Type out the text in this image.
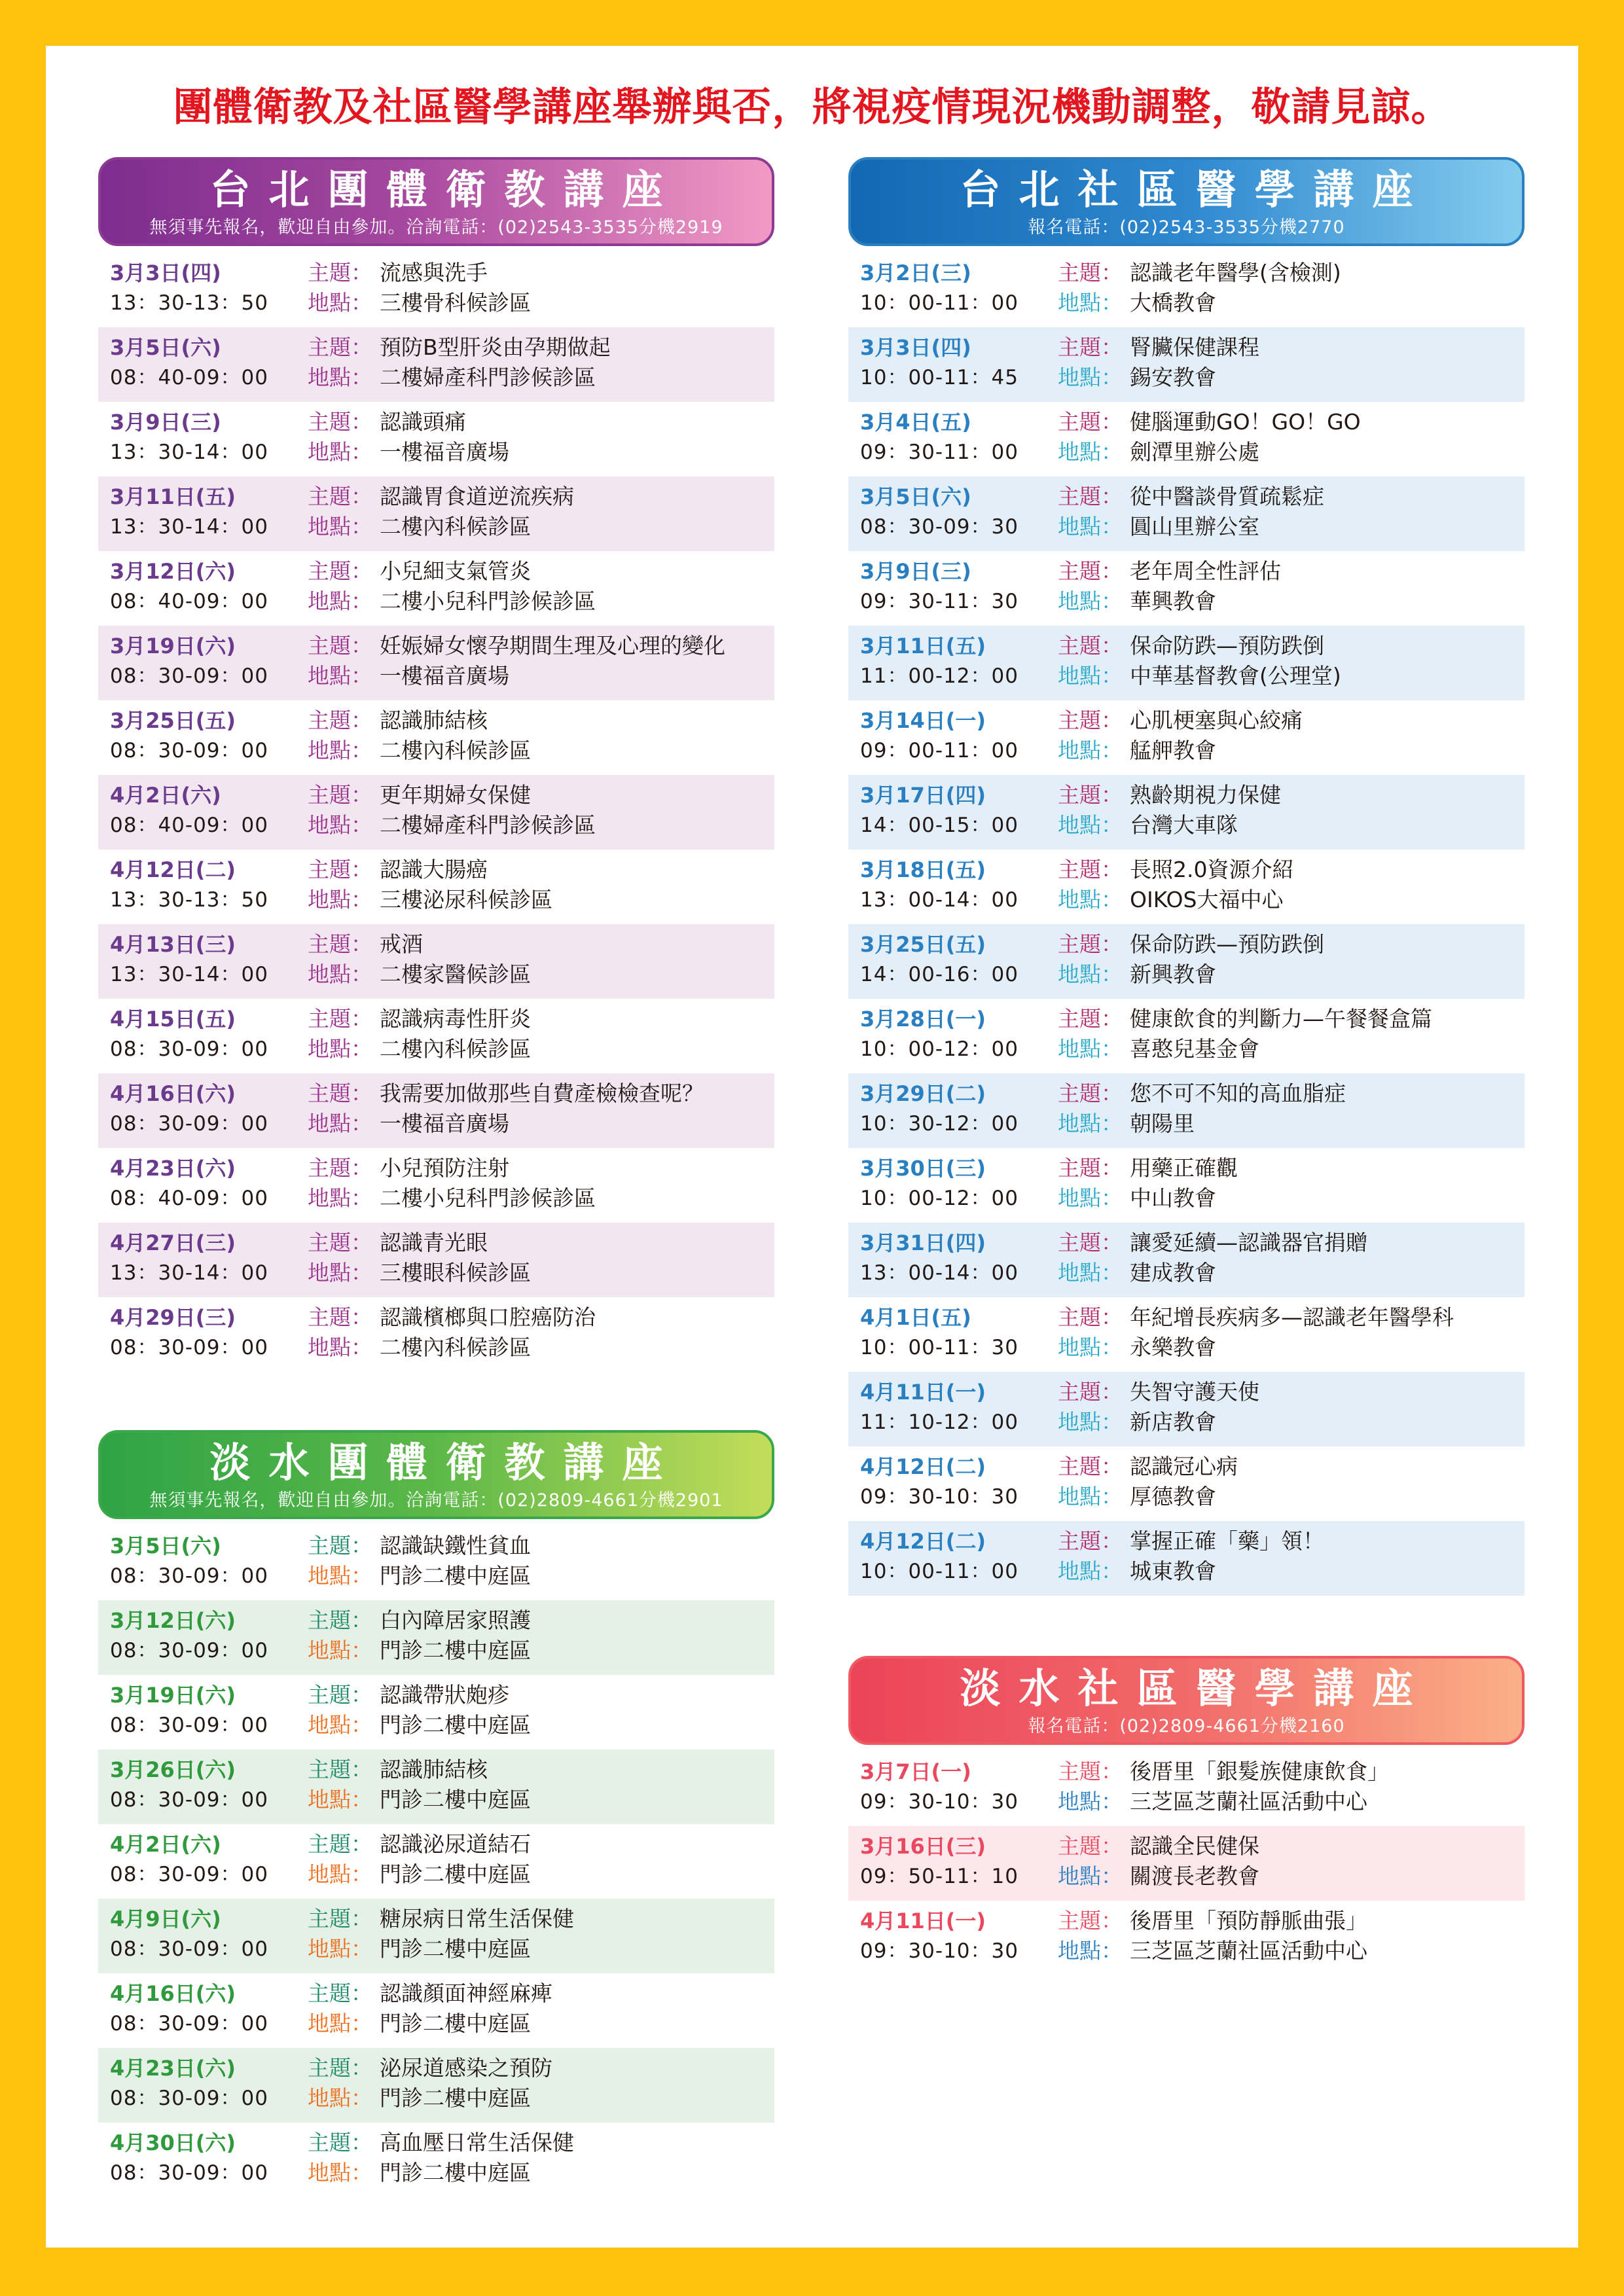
團體衛教及社區醫學講座舉辦與否，將視疫情現況機動調整，敬請見諒。
台北團體衛教講座
無須事先報名，歡迎自由參加。洽詢電話：(02)2543-3535分機2919
3月3日(四)
13：30-13：50
主題： 流感與洗手
地點： 三樓骨科候診區
3月5日(六)
08：40-09：00
主題： 預防B型肝炎由孕期做起
地點： 二樓婦產科門診候診區
3月9日(三)
13：30-14：00
主題： 認識頭痛
地點： 一樓福音廣場
3月11日(五)
13：30-14：00
主題： 認識胃食道逆流疾病
地點： 二樓內科候診區
3月12日(六)
08：40-09：00
主題： 小兒細支氣管炎
地點： 二樓小兒科門診候診區
3月19日(六)
08：30-09：00
主題： 妊娠婦女懷孕期間生理及心理的變化
地點： 一樓福音廣場
3月25日(五)
08：30-09：00
主題： 認識肺結核
地點： 二樓內科候診區
4月2日(六)
08：40-09：00
主題： 更年期婦女保健
地點： 二樓婦產科門診候診區
4月12日(二)
13：30-13：50
主題： 認識大腸癌
地點： 三樓泌尿科候診區
4月13日(三)
13：30-14：00
主題： 戒酒
地點： 二樓家醫候診區
4月15日(五)
08：30-09：00
主題： 認識病毒性肝炎
地點： 二樓內科候診區
4月16日(六)
08：30-09：00
主題： 我需要加做那些自費產檢檢查呢？
地點： 一樓福音廣場
4月23日(六)
08：40-09：00
主題： 小兒預防注射
地點： 二樓小兒科門診候診區
4月27日(三)
13：30-14：00
主題： 認識青光眼
地點： 三樓眼科候診區
4月29日(三)
08：30-09：00
主題： 認識檳榔與口腔癌防治
地點： 二樓內科候診區
淡水團體衛教講座
無須事先報名，歡迎自由參加。洽詢電話：(02)2809-4661分機2901
3月5日(六)
08：30-09：00
主題： 認識缺鐵性貧血
地點： 門診二樓中庭區
3月12日(六)
08：30-09：00
主題： 白內障居家照護
地點： 門診二樓中庭區
3月19日(六)
08：30-09：00
主題： 認識帶狀皰疹
地點： 門診二樓中庭區
3月26日(六)
08：30-09：00
主題： 認識肺結核
地點： 門診二樓中庭區
4月2日(六)
08：30-09：00
主題： 認識泌尿道結石
地點： 門診二樓中庭區
4月9日(六)
08：30-09：00
主題： 糖尿病日常生活保健
地點： 門診二樓中庭區
4月16日(六)
08：30-09：00
主題： 認識顏面神經麻痺
地點： 門診二樓中庭區
4月23日(六)
08：30-09：00
主題： 泌尿道感染之預防
地點： 門診二樓中庭區
4月30日(六)
08：30-09：00
主題： 高血壓日常生活保健
地點： 門診二樓中庭區
台北社區醫學講座
報名電話：(02)2543-3535分機2770
3月2日(三)
10：00-11：00
主題： 認識老年醫學(含檢測)
地點： 大橋教會
3月3日(四)
10：00-11：45
主題： 腎臟保健課程
地點： 錫安教會
3月4日(五)
09：30-11：00
主題： 健腦運動GO！GO！GO
地點： 劍潭里辦公處
3月5日(六)
08：30-09：30
主題： 從中醫談骨質疏鬆症
地點： 圓山里辦公室
3月9日(三)
09：30-11：30
主題： 老年周全性評估
地點： 華興教會
3月11日(五)
11：00-12：00
主題： 保命防跌—預防跌倒
地點： 中華基督教會(公理堂)
3月14日(一)
09：00-11：00
主題： 心肌梗塞與心絞痛
地點： 艋舺教會
3月17日(四)
14：00-15：00
主題： 熟齡期視力保健
地點： 台灣大車隊
3月18日(五)
13：00-14：00
主題： 長照2.0資源介紹
地點： OIKOS大福中心
3月25日(五)
14：00-16：00
主題： 保命防跌—預防跌倒
地點： 新興教會
3月28日(一)
10：00-12：00
主題： 健康飲食的判斷力—午餐餐盒篇
地點： 喜憨兒基金會
3月29日(二)
10：30-12：00
主題： 您不可不知的高血脂症
地點： 朝陽里
3月30日(三)
10：00-12：00
主題： 用藥正確觀
地點： 中山教會
3月31日(四)
13：00-14：00
主題： 讓愛延續—認識器官捐贈
地點： 建成教會
4月1日(五)
10：00-11：30
主題： 年紀增長疾病多—認識老年醫學科
地點： 永樂教會
4月11日(一)
11：10-12：00
主題： 失智守護天使
地點： 新店教會
4月12日(二)
09：30-10：30
主題： 認識冠心病
地點： 厚德教會
4月12日(二)
10：00-11：00
主題： 掌握正確「藥」領！
地點： 城東教會
淡水社區醫學講座
報名電話：(02)2809-4661分機2160
3月7日(一)
09：30-10：30
主題： 後厝里「銀髮族健康飲食」
地點： 三芝區芝蘭社區活動中心
3月16日(三)
09：50-11：10
主題： 認識全民健保
地點： 關渡長老教會
4月11日(一)
09：30-10：30
主題： 後厝里「預防靜脈曲張」
地點： 三芝區芝蘭社區活動中心
